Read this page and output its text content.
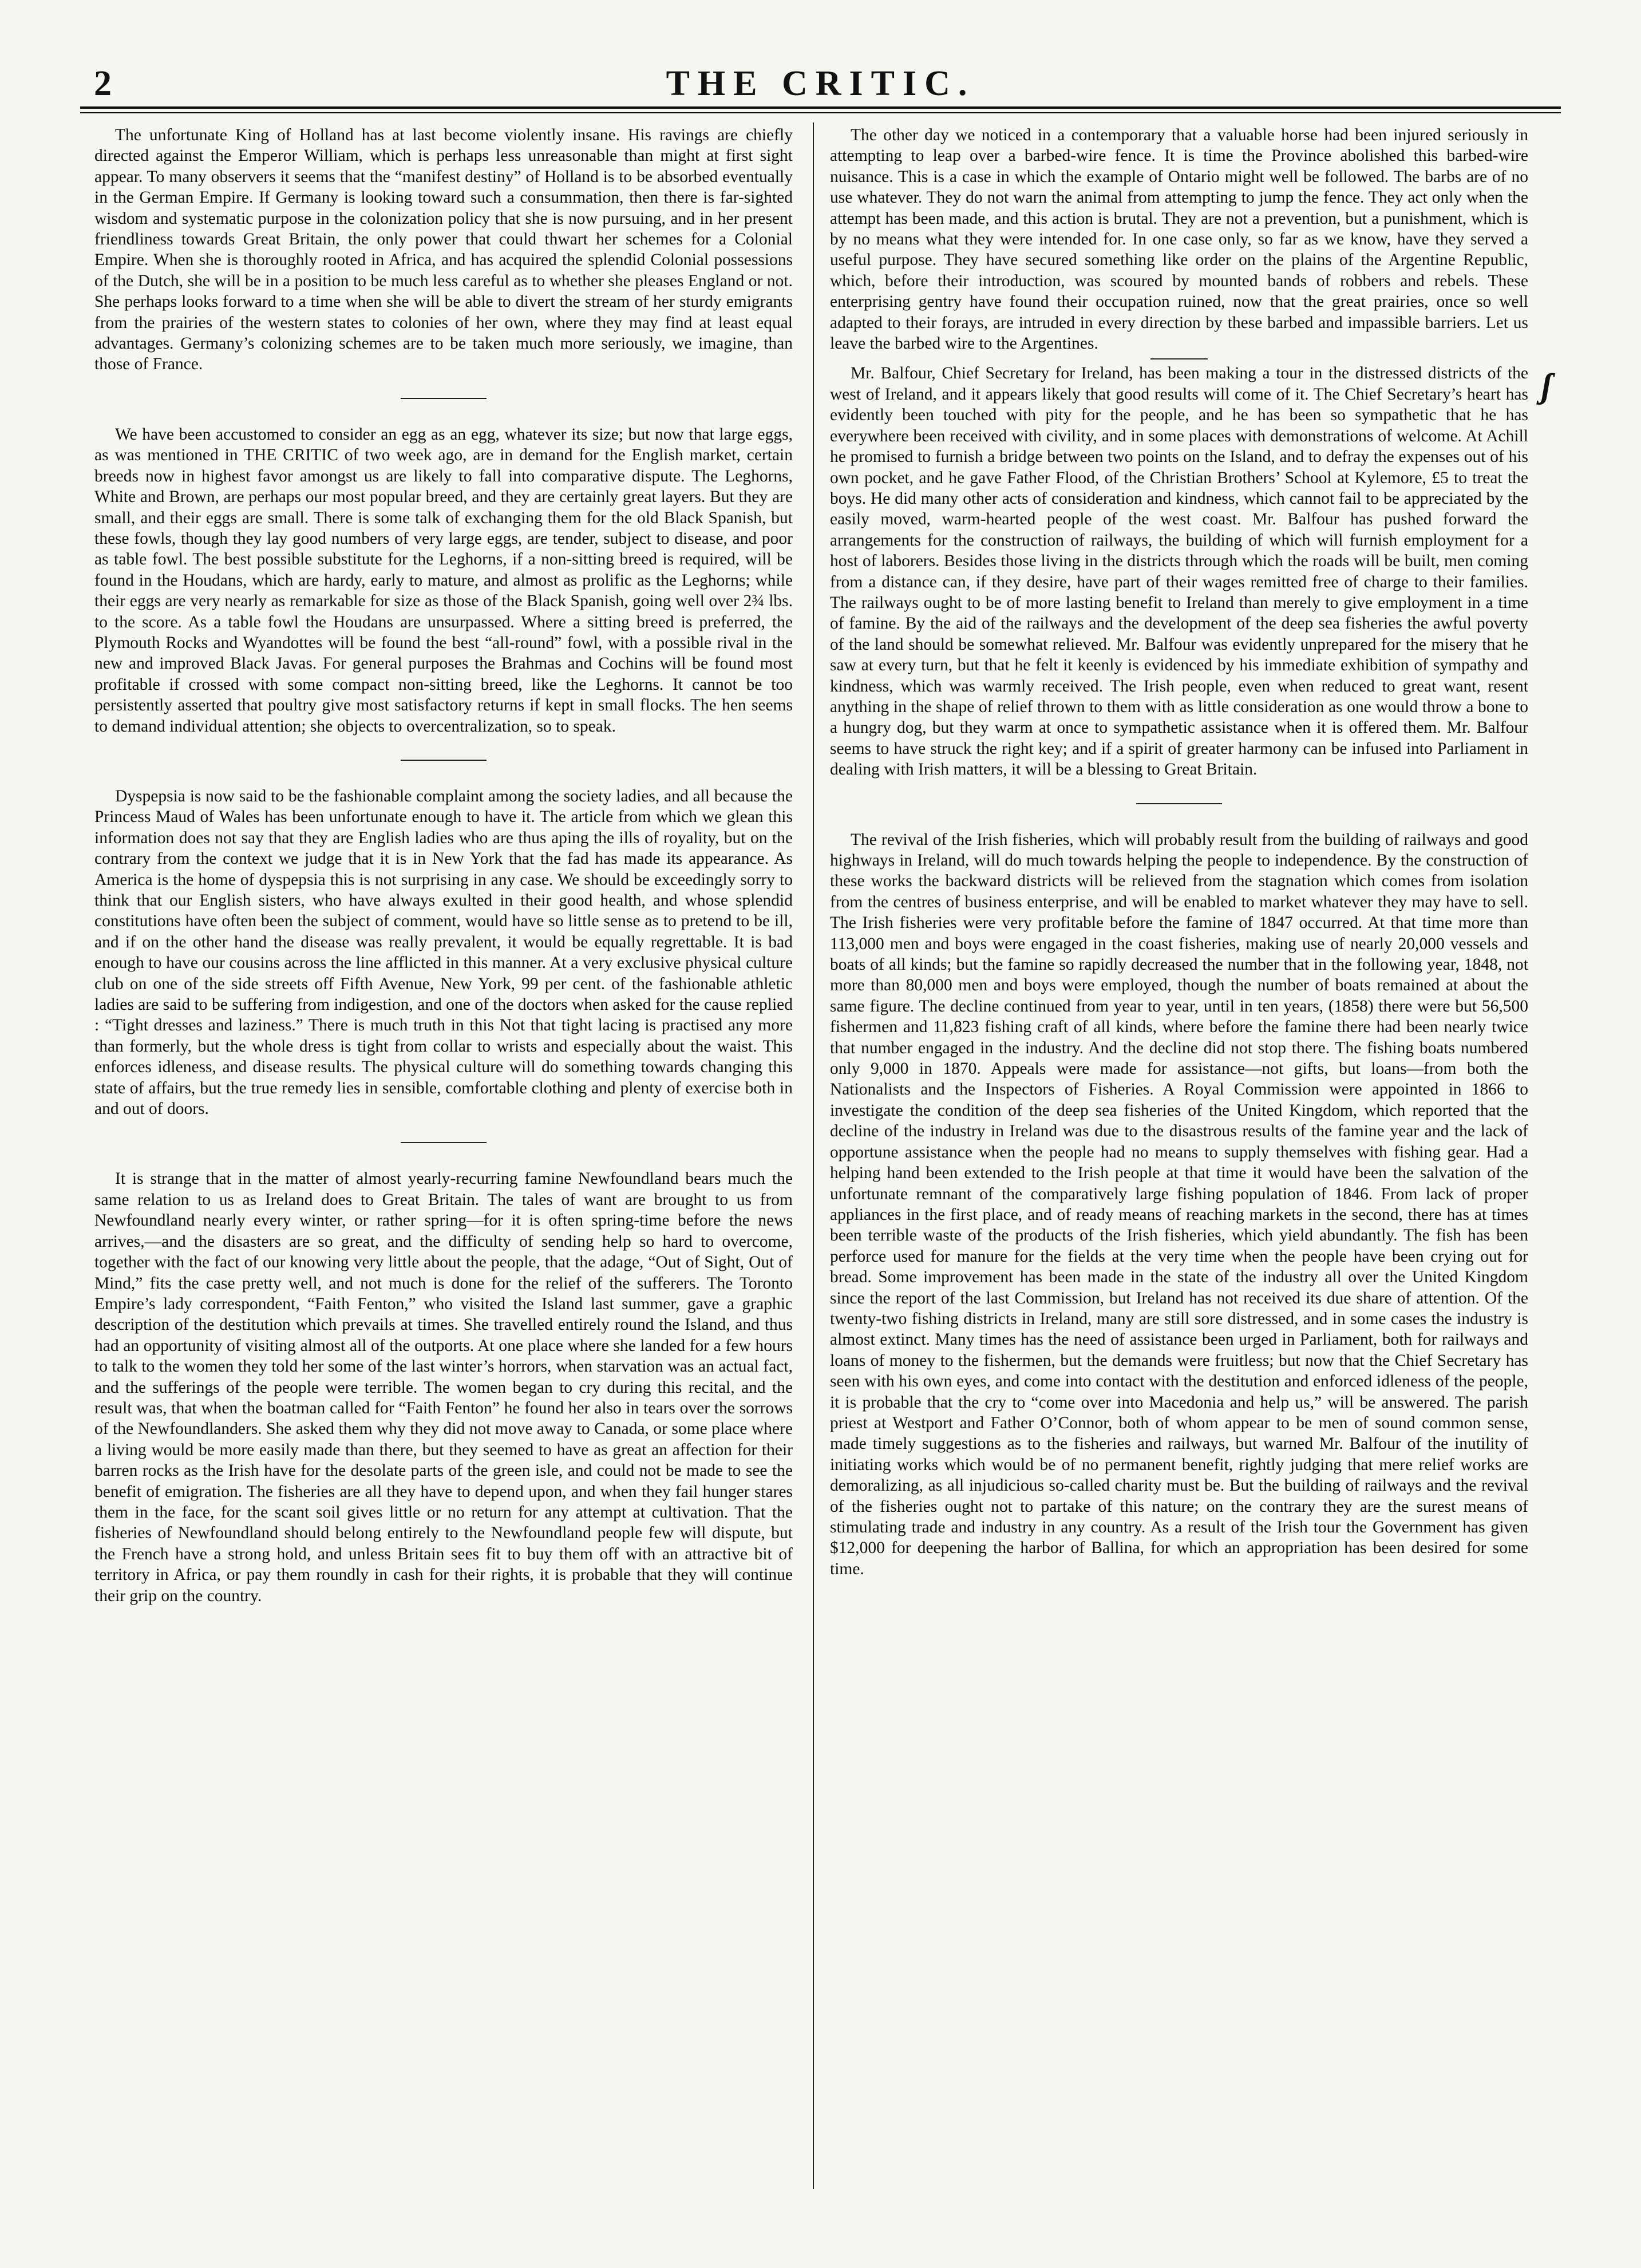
2	THE CRITIC.

The unfortunate King of Holland has at last become violently insane. His ravings are chiefly directed against the Emperor William, which is perhaps less unreasonable than might at first sight appear. To many observers it seems that the “manifest destiny” of Holland is to be absorbed eventually in the German Empire. If Germany is looking toward such a consummation, then there is far-sighted wisdom and systematic purpose in the colonization policy that she is now pursuing, and in her present friendliness towards Great Britain, the only power that could thwart her schemes for a Colonial Empire. When she is thoroughly rooted in Africa, and has acquired the splendid Colonial possessions of the Dutch, she will be in a position to be much less careful as to whether she pleases England or not. She perhaps looks forward to a time when she will be able to divert the stream of her sturdy emigrants from the prairies of the western states to colonies of her own, where they may find at least equal advantages. Germany’s colonizing schemes are to be taken much more seriously, we imagine, than those of France.

We have been accustomed to consider an egg as an egg, whatever its size; but now that large eggs, as was mentioned in THE CRITIC of two week ago, are in demand for the English market, certain breeds now in highest favor amongst us are likely to fall into comparative dispute. The Leghorns, White and Brown, are perhaps our most popular breed, and they are certainly great layers. But they are small, and their eggs are small. There is some talk of exchanging them for the old Black Spanish, but these fowls, though they lay good numbers of very large eggs, are tender, subject to disease, and poor as table fowl. The best possible substitute for the Leghorns, if a non-sitting breed is required, will be found in the Houdans, which are hardy, early to mature, and almost as prolific as the Leghorns; while their eggs are very nearly as remarkable for size as those of the Black Spanish, going well over 2¾ lbs. to the score. As a table fowl the Houdans are unsurpassed. Where a sitting breed is preferred, the Plymouth Rocks and Wyandottes will be found the best “all-round” fowl, with a possible rival in the new and improved Black Javas. For general purposes the Brahmas and Cochins will be found most profitable if crossed with some compact non-sitting breed, like the Leghorns. It cannot be too persistently asserted that poultry give most satisfactory returns if kept in small flocks. The hen seems to demand individual attention; she objects to overcentralization, so to speak.

Dyspepsia is now said to be the fashionable complaint among the society ladies, and all because the Princess Maud of Wales has been unfortunate enough to have it. The article from which we glean this information does not say that they are English ladies who are thus aping the ills of royality, but on the contrary from the context we judge that it is in New York that the fad has made its appearance. As America is the home of dyspepsia this is not surprising in any case. We should be exceedingly sorry to think that our English sisters, who have always exulted in their good health, and whose splendid constitutions have often been the subject of comment, would have so little sense as to pretend to be ill, and if on the other hand the disease was really prevalent, it would be equally regrettable. It is bad enough to have our cousins across the line afflicted in this manner. At a very exclusive physical culture club on one of the side streets off Fifth Avenue, New York, 99 per cent. of the fashionable athletic ladies are said to be suffering from indigestion, and one of the doctors when asked for the cause replied : “Tight dresses and laziness.” There is much truth in this Not that tight lacing is practised any more than formerly, but the whole dress is tight from collar to wrists and especially about the waist. This enforces idleness, and disease results. The physical culture will do something towards changing this state of affairs, but the true remedy lies in sensible, comfortable clothing and plenty of exercise both in and out of doors.

It is strange that in the matter of almost yearly-recurring famine Newfoundland bears much the same relation to us as Ireland does to Great Britain. The tales of want are brought to us from Newfoundland nearly every winter, or rather spring—for it is often spring-time before the news arrives,—and the disasters are so great, and the difficulty of sending help so hard to overcome, together with the fact of our knowing very little about the people, that the adage, “Out of Sight, Out of Mind,” fits the case pretty well, and not much is done for the relief of the sufferers. The Toronto Empire’s lady correspondent, “Faith Fenton,” who visited the Island last summer, gave a graphic description of the destitution which prevails at times. She travelled entirely round the Island, and thus had an opportunity of visiting almost all of the outports. At one place where she landed for a few hours to talk to the women they told her some of the last winter’s horrors, when starvation was an actual fact, and the sufferings of the people were terrible. The women began to cry during this recital, and the result was, that when the boatman called for “Faith Fenton” he found her also in tears over the sorrows of the Newfoundlanders. She asked them why they did not move away to Canada, or some place where a living would be more easily made than there, but they seemed to have as great an affection for their barren rocks as the Irish have for the desolate parts of the green isle, and could not be made to see the benefit of emigration. The fisheries are all they have to depend upon, and when they fail hunger stares them in the face, for the scant soil gives little or no return for any attempt at cultivation. That the fisheries of Newfoundland should belong entirely to the Newfoundland people few will dispute, but the French have a strong hold, and unless Britain sees fit to buy them off with an attractive bit of territory in Africa, or pay them roundly in cash for their rights, it is probable that they will continue their grip on the country.

The other day we noticed in a contemporary that a valuable horse had been injured seriously in attempting to leap over a barbed-wire fence. It is time the Province abolished this barbed-wire nuisance. This is a case in which the example of Ontario might well be followed. The barbs are of no use whatever. They do not warn the animal from attempting to jump the fence. They act only when the attempt has been made, and this action is brutal. They are not a prevention, but a punishment, which is by no means what they were intended for. In one case only, so far as we know, have they served a useful purpose. They have secured something like order on the plains of the Argentine Republic, which, before their introduction, was scoured by mounted bands of robbers and rebels. These enterprising gentry have found their occupation ruined, now that the great prairies, once so well adapted to their forays, are intruded in every direction by these barbed and impassible barriers. Let us leave the barbed wire to the Argentines.

Mr. Balfour, Chief Secretary for Ireland, has been making a tour in the distressed districts of the west of Ireland, and it appears likely that good results will come of it. The Chief Secretary’s heart has evidently been touched with pity for the people, and he has been so sympathetic that he has everywhere been received with civility, and in some places with demonstrations of welcome. At Achill he promised to furnish a bridge between two points on the Island, and to defray the expenses out of his own pocket, and he gave Father Flood, of the Christian Brothers’ School at Kylemore, £5 to treat the boys. He did many other acts of consideration and kindness, which cannot fail to be appreciated by the easily moved, warm-hearted people of the west coast. Mr. Balfour has pushed forward the arrangements for the construction of railways, the building of which will furnish employment for a host of laborers. Besides those living in the districts through which the roads will be built, men coming from a distance can, if they desire, have part of their wages remitted free of charge to their families. The railways ought to be of more lasting benefit to Ireland than merely to give employment in a time of famine. By the aid of the railways and the development of the deep sea fisheries the awful poverty of the land should be somewhat relieved. Mr. Balfour was evidently unprepared for the misery that he saw at every turn, but that he felt it keenly is evidenced by his immediate exhibition of sympathy and kindness, which was warmly received. The Irish people, even when reduced to great want, resent anything in the shape of relief thrown to them with as little consideration as one would throw a bone to a hungry dog, but they warm at once to sympathetic assistance when it is offered them. Mr. Balfour seems to have struck the right key; and if a spirit of greater harmony can be infused into Parliament in dealing with Irish matters, it will be a blessing to Great Britain.

The revival of the Irish fisheries, which will probably result from the building of railways and good highways in Ireland, will do much towards helping the people to independence. By the construction of these works the backward districts will be relieved from the stagnation which comes from isolation from the centres of business enterprise, and will be enabled to market whatever they may have to sell. The Irish fisheries were very profitable before the famine of 1847 occurred. At that time more than 113,000 men and boys were engaged in the coast fisheries, making use of nearly 20,000 vessels and boats of all kinds; but the famine so rapidly decreased the number that in the following year, 1848, not more than 80,000 men and boys were employed, though the number of boats remained at about the same figure. The decline continued from year to year, until in ten years, (1858) there were but 56,500 fishermen and 11,823 fishing craft of all kinds, where before the famine there had been nearly twice that number engaged in the industry. And the decline did not stop there. The fishing boats numbered only 9,000 in 1870. Appeals were made for assistance—not gifts, but loans—from both the Nationalists and the Inspectors of Fisheries. A Royal Commission were appointed in 1866 to investigate the condition of the deep sea fisheries of the United Kingdom, which reported that the decline of the industry in Ireland was due to the disastrous results of the famine year and the lack of opportune assistance when the people had no means to supply themselves with fishing gear. Had a helping hand been extended to the Irish people at that time it would have been the salvation of the unfortunate remnant of the comparatively large fishing population of 1846. From lack of proper appliances in the first place, and of ready means of reaching markets in the second, there has at times been terrible waste of the products of the Irish fisheries, which yield abundantly. The fish has been perforce used for manure for the fields at the very time when the people have been crying out for bread. Some improvement has been made in the state of the industry all over the United Kingdom since the report of the last Commission, but Ireland has not received its due share of attention. Of the twenty-two fishing districts in Ireland, many are still sore distressed, and in some cases the industry is almost extinct. Many times has the need of assistance been urged in Parliament, both for railways and loans of money to the fishermen, but the demands were fruitless; but now that the Chief Secretary has seen with his own eyes, and come into contact with the destitution and enforced idleness of the people, it is probable that the cry to “come over into Macedonia and help us,” will be answered. The parish priest at Westport and Father O’Connor, both of whom appear to be men of sound common sense, made timely suggestions as to the fisheries and railways, but warned Mr. Balfour of the inutility of initiating works which would be of no permanent benefit, rightly judging that mere relief works are demoralizing, as all injudicious so-called charity must be. But the building of railways and the revival of the fisheries ought not to partake of this nature; on the contrary they are the surest means of stimulating trade and industry in any country. As a result of the Irish tour the Government has given $12,000 for deepening the harbor of Ballina, for which an appropriation has been desired for some time.

ʃ
